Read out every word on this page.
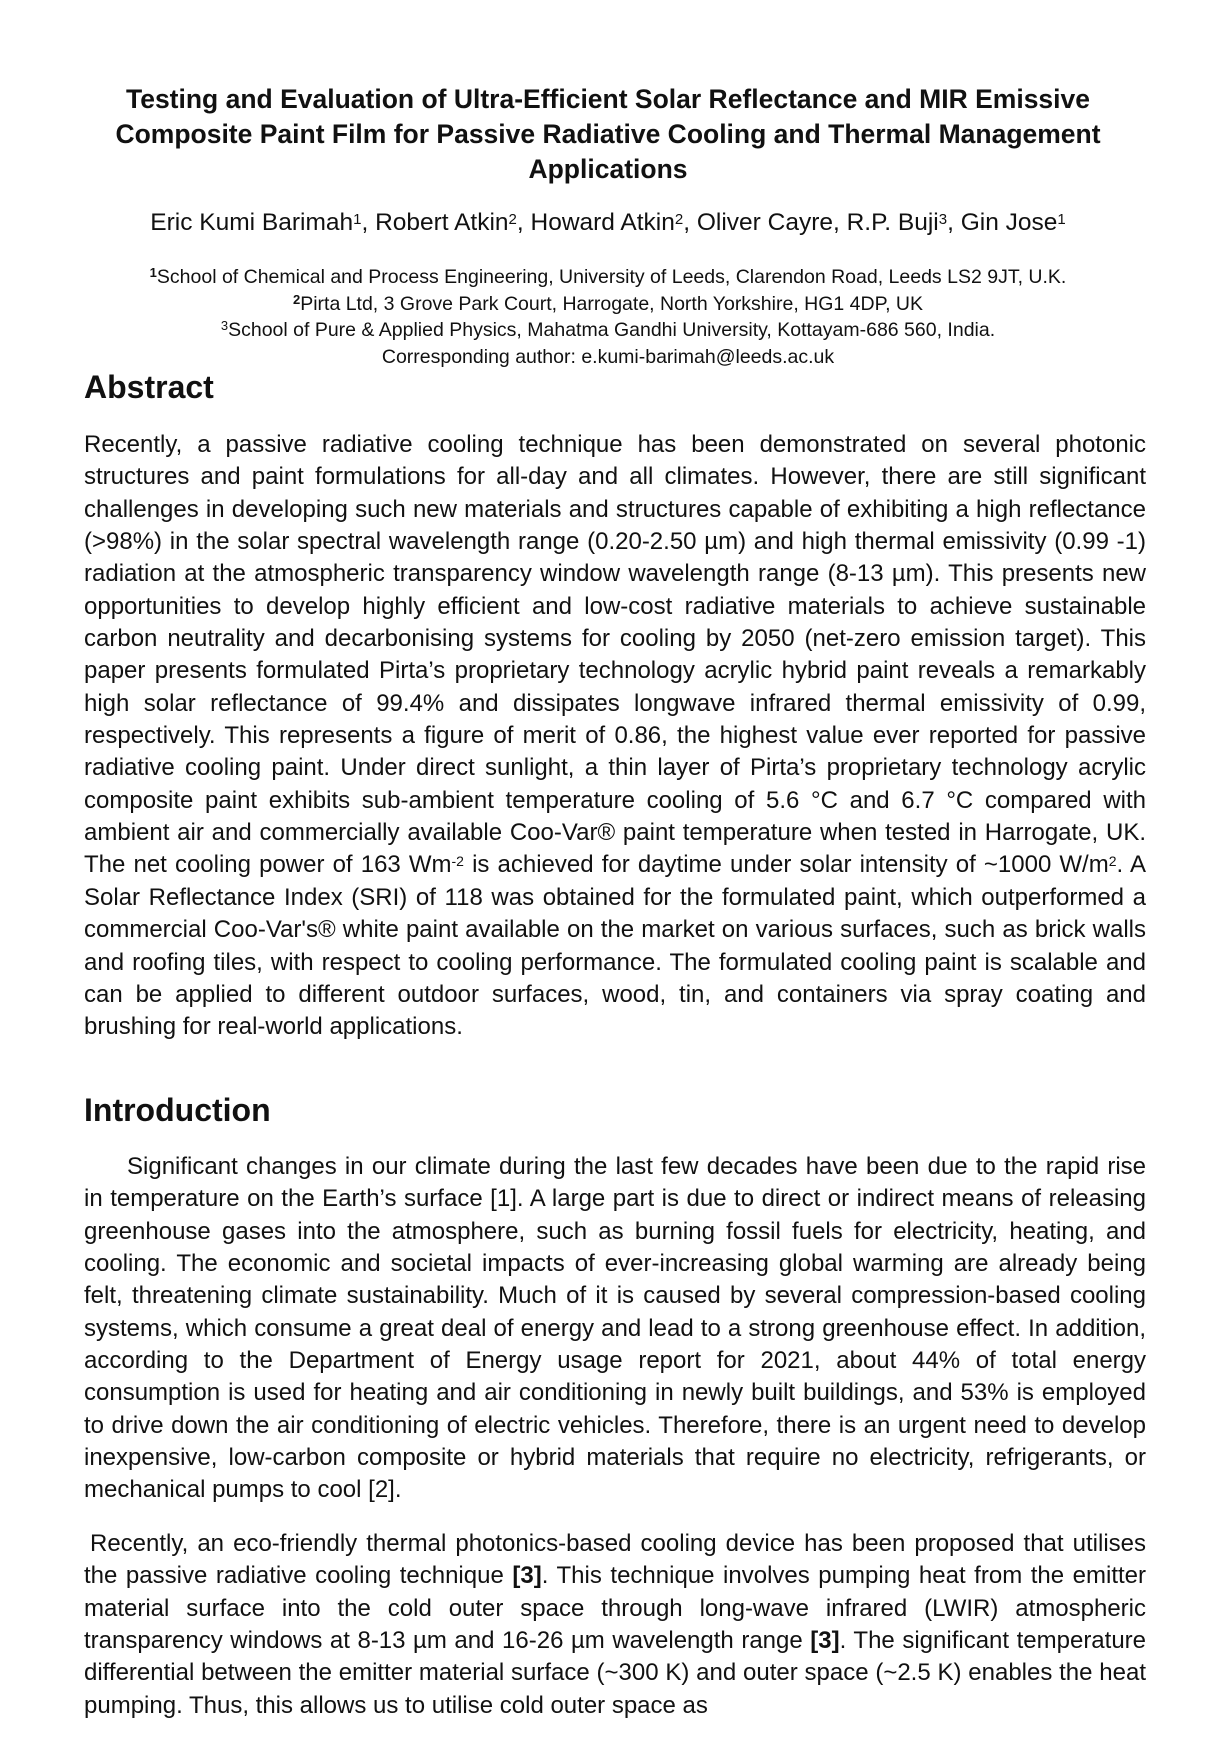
Testing and Evaluation of Ultra-Efficient Solar Reflectance and MIR Emissive
Composite Paint Film for Passive Radiative Cooling and Thermal Management
Applications
Eric Kumi Barimah$^1$, Robert Atkin$^2$, Howard Atkin$^2$, Oliver Cayre, R.P. Buji$^3$, Gin Jose$^1$
$^1$School of Chemical and Process Engineering, University of Leeds, Clarendon Road, Leeds LS2 9JT, U.K.
$^2$Pirta Ltd, 3 Grove Park Court, Harrogate, North Yorkshire, HG1 4DP, UK
$^3$School of Pure & Applied Physics, Mahatma Gandhi University, Kottayam-686 560, India.
Corresponding author: e.kumi-barimah@leeds.ac.uk
Abstract

Recently, a passive radiative cooling technique has been demonstrated on several photonic structures and paint formulations for all-day and all climates. However, there are still significant challenges in developing such new materials and structures capable of exhibiting a high reflectance (>98%) in the solar spectral wavelength range (0.20-2.50 µm) and high thermal emissivity (0.99 -1) radiation at the atmospheric transparency window wavelength range (8-13 µm). This presents new opportunities to develop highly efficient and low-cost radiative materials to achieve sustainable carbon neutrality and decarbonising systems for cooling by 2050 (net-zero emission target). This paper presents formulated Pirta’s proprietary technology acrylic hybrid paint reveals a remarkably high solar reflectance of 99.4% and dissipates longwave infrared thermal emissivity of 0.99, respectively. This represents a figure of merit of 0.86, the highest value ever reported for passive radiative cooling paint. Under direct sunlight, a thin layer of Pirta’s proprietary technology acrylic composite paint exhibits sub-ambient temperature cooling of 5.6 °C and 6.7 °C compared with ambient air and commercially available Coo-Var® paint temperature when tested in Harrogate, UK. The net cooling power of 163 $Wm^{-2}$ is achieved for daytime under solar intensity of ~1000 $W/m^2$. A Solar Reflectance Index (SRI) of 118 was obtained for the formulated paint, which outperformed a commercial Coo-Var's® white paint available on the market on various surfaces, such as brick walls and roofing tiles, with respect to cooling performance. The formulated cooling paint is scalable and can be applied to different outdoor surfaces, wood, tin, and containers via spray coating and brushing for real-world applications.

Introduction

Significant changes in our climate during the last few decades have been due to the rapid rise in temperature on the Earth’s surface [1]. A large part is due to direct or indirect means of releasing greenhouse gases into the atmosphere, such as burning fossil fuels for electricity, heating, and cooling. The economic and societal impacts of ever-increasing global warming are already being felt, threatening climate sustainability. Much of it is caused by several compression-based cooling systems, which consume a great deal of energy and lead to a strong greenhouse effect. In addition, according to the Department of Energy usage report for 2021, about 44% of total energy consumption is used for heating and air conditioning in newly built buildings, and 53% is employed to drive down the air conditioning of electric vehicles. Therefore, there is an urgent need to develop inexpensive, low-carbon composite or hybrid materials that require no electricity, refrigerants, or mechanical pumps to cool [2].

Recently, an eco-friendly thermal photonics-based cooling device has been proposed that utilises the passive radiative cooling technique [3]. This technique involves pumping heat from the emitter material surface into the cold outer space through long-wave infrared (LWIR) atmospheric transparency windows at 8-13 µm and 16-26 µm wavelength range [3]. The significant temperature differential between the emitter material surface (~300 K) and outer space (~2.5 K) enables the heat pumping. Thus, this allows us to utilise cold outer space as
